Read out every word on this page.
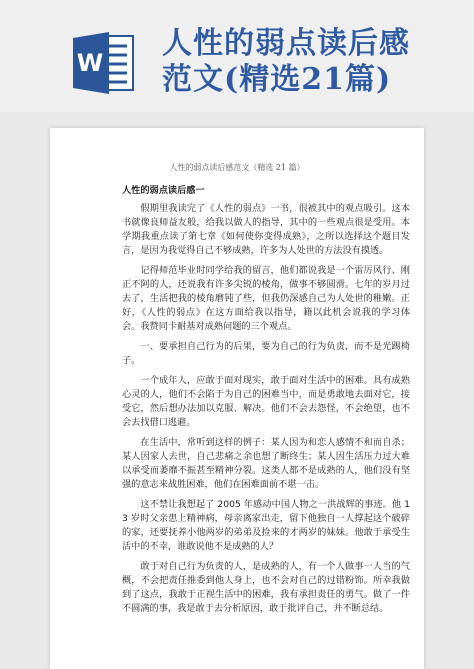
W
人性的弱点读后感
范文(精选21篇)
人性的弱点读后感范文（精选 21 篇）
人性的弱点读后感一

假期里我读完了《人性的弱点》一书，很被其中的观点吸引。这本书就像良师益友般，给我以做人的指导，其中的一些观点很是受用。本学期我重点读了第七章《如何使你变得成熟》，之所以选择这个题目发言，是因为我觉得自己不够成熟，许多为人处世的方法没有摸透。

记得师范毕业时同学给我的留言，他们都说我是一个雷厉风行、刚正不阿的人，还说我有许多尖锐的棱角，做事不够圆滑。七年的岁月过去了，生活把我的棱角磨钝了些，但我仍深感自己为人处世的稚嫩。正好，《人性的弱点》在这方面给我以指导，籍以此机会说我的学习体会。我赞同卡耐基对成熟问题的三个观点。

一、要承担自己行为的后果，要为自己的行为负责，而不是光踢椅子。

一个成年人，应敢于面对现实，敢于面对生活中的困难。具有成熟心灵的人，他们不会陷于为自己的困难当中，而是勇敢地去面对它，接受它，然后想办法加以克服、解决。他们不会去怨怪，不会绝望，也不会去找借口逃避。

在生活中，常听到这样的例子：某人因为和恋人感情不和而自杀；某人因家人去世，自己悲痛之余也想了断终生；某人因生活压力过大难以承受而萎靡不振甚至精神分裂。这类人都不是成熟的人，他们没有坚强的意志来战胜困难，他们在困难面前不堪一击。

这不禁让我想起了 2005 年感动中国人物之一洪战辉的事迹。他 13 岁时父亲患上精神病，母亲离家出走，留下他独自一人撑起这个破碎的家，还要抚养小他两岁的弟弟及捡来的才两岁的妹妹。他敢于承受生活中的不幸，谁敢说他不是成熟的人？

敢于对自己行为负责的人，是成熟的人，有一个人做事一人当的气概，不会把责任推委到他人身上，也不会对自己的过错粉饰。所幸我做到了这点，我敢于正视生活中的困难，我有承担责任的勇气。做了一件不圆满的事，我是敢于去分析原因，敢于批评自己，并不断总结。
